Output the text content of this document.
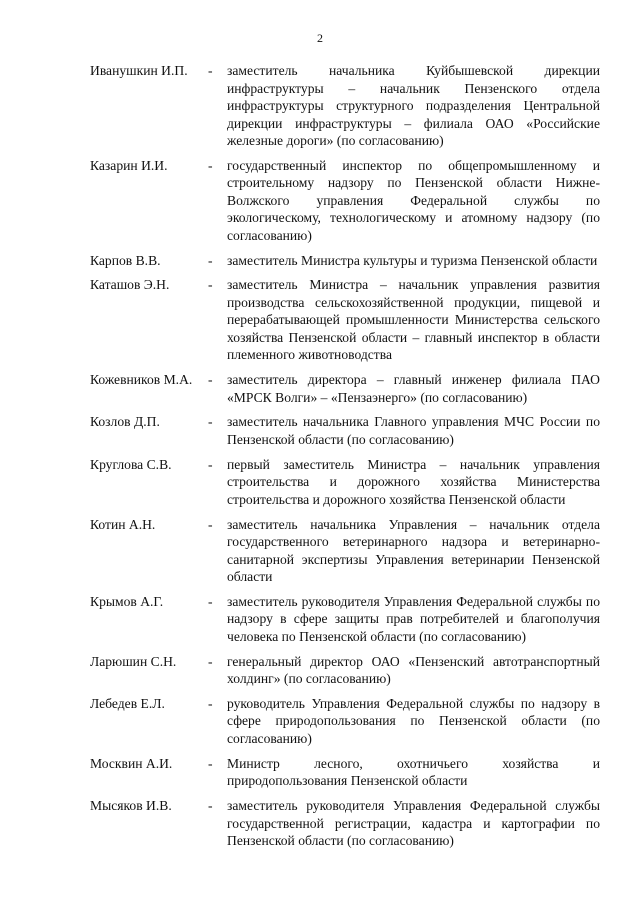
2
Иванушкин И.П.	-	заместитель начальника Куйбышевской дирекции инфраструктуры – начальник Пензенского отдела инфраструктуры структурного подразделения Центральной дирекции инфраструктуры – филиала ОАО «Российские железные дороги» (по согласованию)
Казарин И.И.	-	государственный инспектор по общепромышленному и строительному надзору по Пензенской области Нижне-Волжского управления Федеральной службы по экологическому, технологическому и атомному надзору (по согласованию)
Карпов В.В.	-	заместитель Министра культуры и туризма Пензенской области
Каташов Э.Н.	-	заместитель Министра – начальник управления развития производства сельскохозяйственной продукции, пищевой и перерабатывающей промышленности Министерства сельского хозяйства Пензенской области – главный инспектор в области племенного животноводства
Кожевников М.А.	-	заместитель директора – главный инженер филиала ПАО «МРСК Волги» – «Пензаэнерго» (по согласованию)
Козлов Д.П.	-	заместитель начальника Главного управления МЧС России по Пензенской области (по согласованию)
Круглова С.В.	-	первый заместитель Министра – начальник управления строительства и дорожного хозяйства Министерства строительства и дорожного хозяйства Пензенской области
Котин А.Н.	-	заместитель начальника Управления – начальник отдела государственного ветеринарного надзора и ветеринарно-санитарной экспертизы Управления ветеринарии Пензенской области
Крымов А.Г.	-	заместитель руководителя Управления Федеральной службы по надзору в сфере защиты прав потребителей и благополучия человека по Пензенской области (по согласованию)
Ларюшин С.Н.	-	генеральный директор ОАО «Пензенский автотранспортный холдинг» (по согласованию)
Лебедев Е.Л.	-	руководитель Управления Федеральной службы по надзору в сфере природопользования по Пензенской области (по согласованию)
Москвин А.И.	-	Министр лесного, охотничьего хозяйства и природопользования Пензенской области
Мысяков И.В.	-	заместитель руководителя Управления Федеральной службы государственной регистрации, кадастра и картографии по Пензенской области (по согласованию)
